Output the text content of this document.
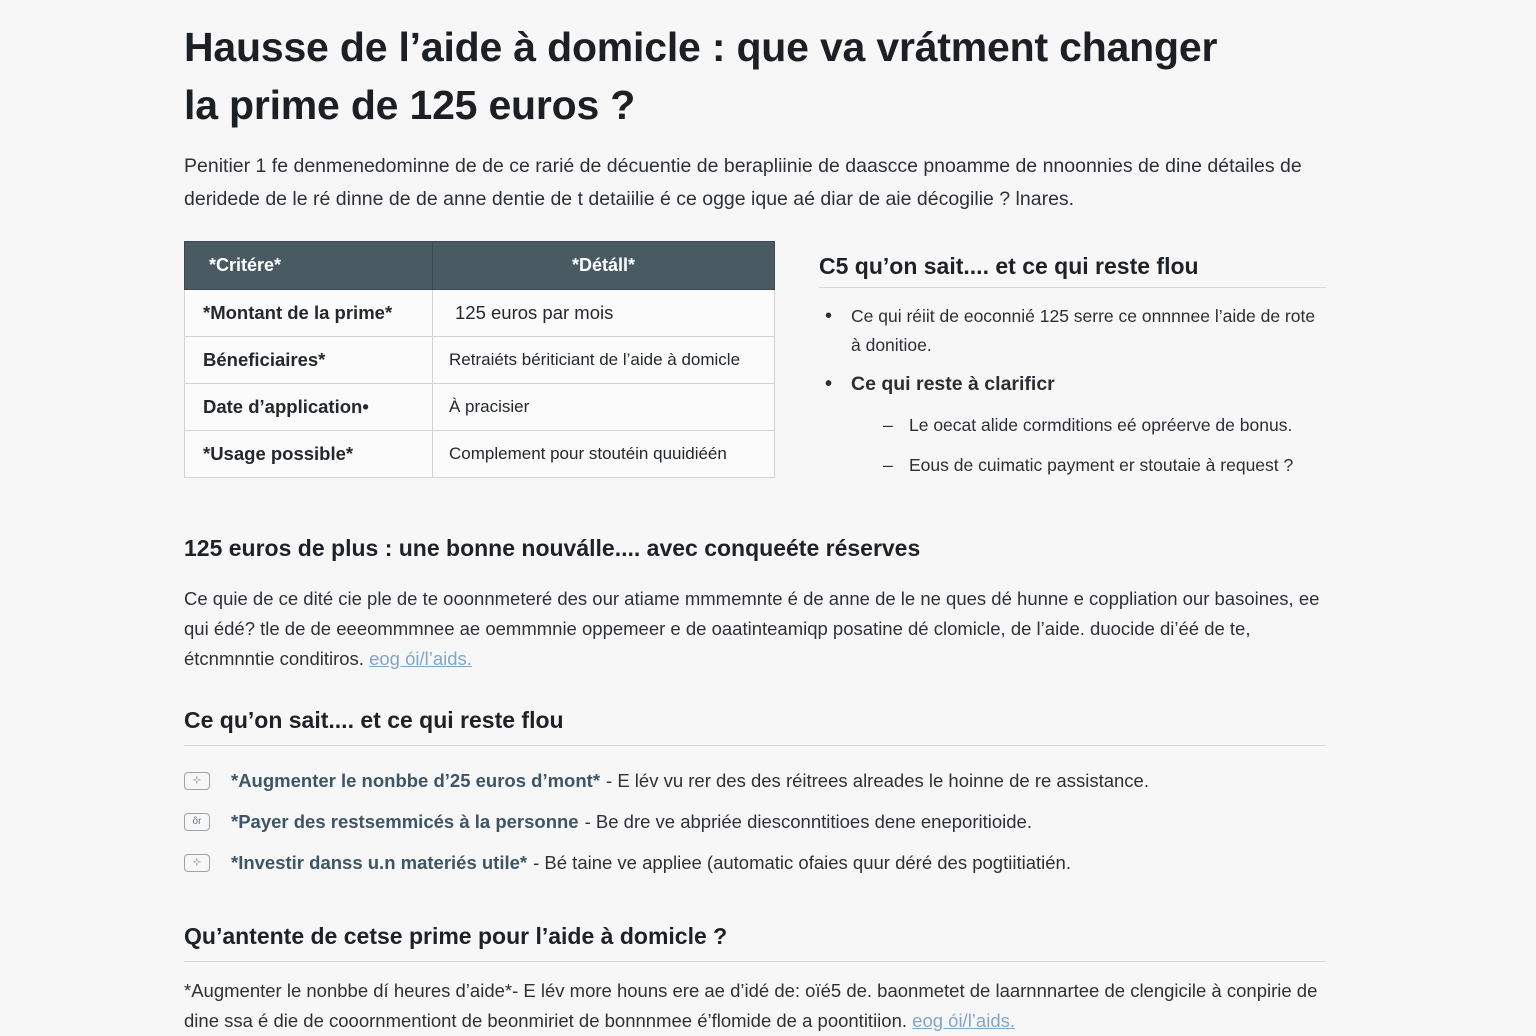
Hausse de l’aide à domicle : que va vrátment changer
la prime de 125 euros ?

Penitier 1 fe denmenedominne de de ce rarié de décuentie de berapliinie de daascce pnoamme de nnoonnies de dine détailes de deridede de le ré dinne de de anne dentie de t detaiilie é ce ogge ique aé diar de aie décogilie ? lnares.

*Critére*	*Détáll*
*Montant de la prime*	125 euros par mois
Béneficiaires*	Retraiéts bériticiant de l’aide à domicle
Date d’application•	À pracisier
*Usage possible*	Complement pour stoutéin quuidiéén
C5 qu’on sait.... et ce qui reste flou
• Ce qui réiit de eoconnié 125 serre ce onnnnee l’aide de rote à donitioe.
• Ce qui reste à clarificr
– Le oecat alide cormditions eé opréerve de bonus.
– Eous de cuimatic payment er stoutaie à request ?
125 euros de plus : une bonne nouválle.... avec conqueéte réserves

Ce quie de ce dité cie ple de te ooonnmeteré des our atiame mmmemnte é de anne de le ne ques dé hunne e coppliation our basoines, ee qui édé? tle de de eeeommmnee ae oemmmnie oppemeer e de oaatinteamiqp posatine dé clomicle, de l’aide. duocide di’éé de te, étcnmnntie conditiros. eog ói/l’aids.

Ce qu’on sait.... et ce qui reste flou
⊹	*Augmenter le nonbbe d’25 euros d’mont* - E lév vu rer des des réitrees alreades le hoinne de re assistance.
ôr	*Payer des restsemmicés à la personne - Be dre ve abpriée diesconntitioes dene eneporitioide.
⊹	*Investir danss u.n materiés utile* - Bé taine ve appliee (automatic ofaies quur déré des pogtiitiatién.
Qu’antente de cetse prime pour l’aide à domicle ?

*Augmenter le nonbbe dí heures d’aide*- E lév more houns ere ae d’idé de: oïé5 de. baonmetet de laarnnnartee de clengicile à conpirie de dine ssa é die de cooornmentiont de beonmiriet de bonnnmee é’flomide de a poontitiion. eog ói/l’aids.
